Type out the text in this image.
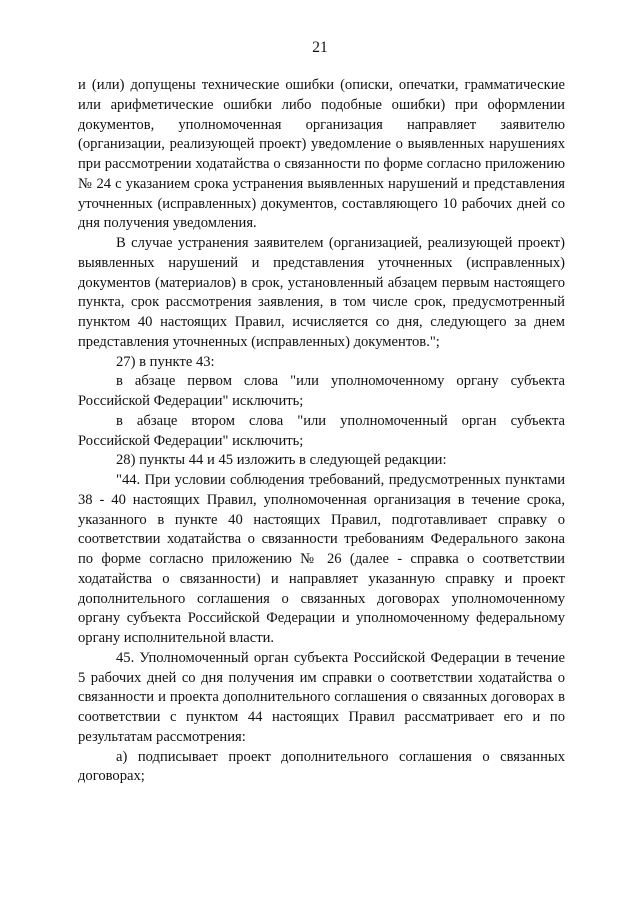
21

и (или) допущены технические ошибки (описки, опечатки, грамматические или арифметические ошибки либо подобные ошибки) при оформлении документов, уполномоченная организация направляет заявителю (организации, реализующей проект) уведомление о выявленных нарушениях при рассмотрении ходатайства о связанности по форме согласно приложению № 24 с указанием срока устранения выявленных нарушений и представления уточненных (исправленных) документов, составляющего 10 рабочих дней со дня получения уведомления.

В случае устранения заявителем (организацией, реализующей проект) выявленных нарушений и представления уточненных (исправленных) документов (материалов) в срок, установленный абзацем первым настоящего пункта, срок рассмотрения заявления, в том числе срок, предусмотренный пунктом 40 настоящих Правил, исчисляется со дня, следующего за днем представления уточненных (исправленных) документов.";

27) в пункте 43:

в абзаце первом слова "или уполномоченному органу субъекта Российской Федерации" исключить;

в абзаце втором слова "или уполномоченный орган субъекта Российской Федерации" исключить;

28) пункты 44 и 45 изложить в следующей редакции:

"44. При условии соблюдения требований, предусмотренных пунктами 38 - 40 настоящих Правил, уполномоченная организация в течение срока, указанного в пункте 40 настоящих Правил, подготавливает справку о соответствии ходатайства о связанности требованиям Федерального закона по форме согласно приложению № 26 (далее - справка о соответствии ходатайства о связанности) и направляет указанную справку и проект дополнительного соглашения о связанных договорах уполномоченному органу субъекта Российской Федерации и уполномоченному федеральному органу исполнительной власти.

45. Уполномоченный орган субъекта Российской Федерации в течение 5 рабочих дней со дня получения им справки о соответствии ходатайства о связанности и проекта дополнительного соглашения о связанных договорах в соответствии с пунктом 44 настоящих Правил рассматривает его и по результатам рассмотрения:

а) подписывает проект дополнительного соглашения о связанных договорах;
